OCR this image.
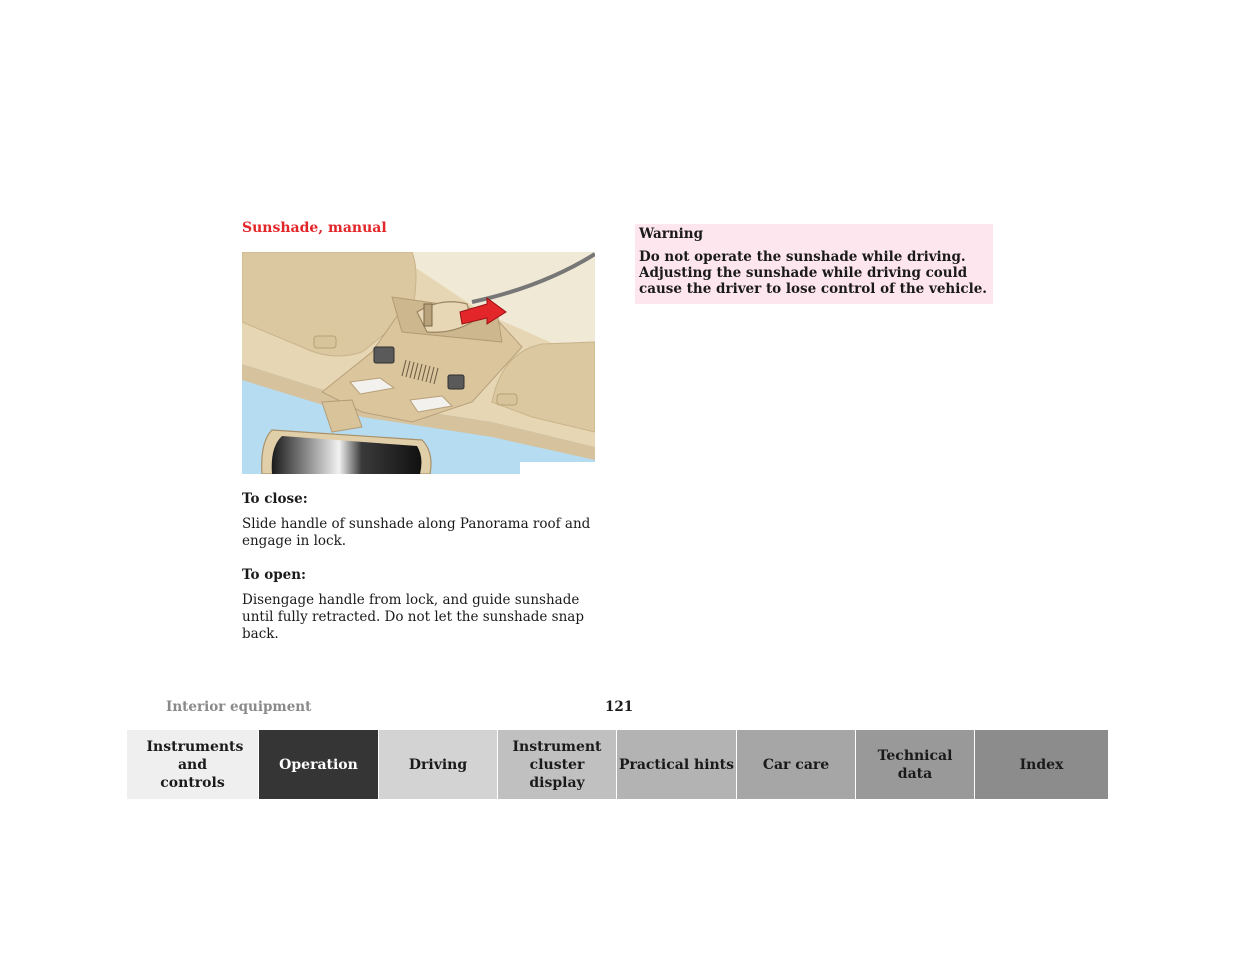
Sunshade, manual
To close:
Slide handle of sunshade along Panorama roof and engage in lock.
To open:
Disengage handle from lock, and guide sunshade until fully retracted. Do not let the sunshade snap back.
Warning
Do not operate the sunshade while driving. Adjusting the sunshade while driving could cause the driver to lose control of the vehicle.
Interior equipment	121
Instruments and controls
Operation	Driving
Instrument cluster display
Practical hints Car care
Technical data
Index
